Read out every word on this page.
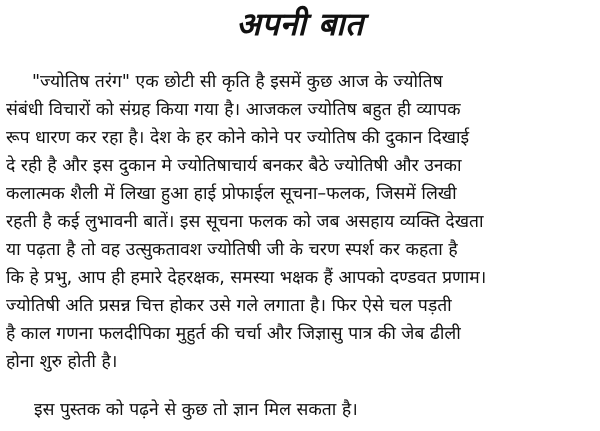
अपनी बात
"ज्योतिष तरंग" एक छोटी सी कृति है इसमें कुछ आज के ज्योतिष
संबंधी विचारों को संग्रह किया गया है। आजकल ज्योतिष बहुत ही व्यापक
रूप धारण कर रहा है। देश के हर कोने कोने पर ज्योतिष की दुकान दिखाई
दे रही है और इस दुकान मे ज्योतिषाचार्य बनकर बैठे ज्योतिषी और उनका
कलात्मक शैली में लिखा हुआ हाई प्रोफाईल सूचना–फलक, जिसमें लिखी
रहती है कई लुभावनी बातें। इस सूचना फलक को जब असहाय व्यक्ति देखता
या पढ़ता है तो वह उत्सुकतावश ज्योतिषी जी के चरण स्पर्श कर कहता है
कि हे प्रभु, आप ही हमारे देहरक्षक, समस्या भक्षक हैं आपको दण्डवत प्रणाम।
ज्योतिषी अति प्रसन्न चित्त होकर उसे गले लगाता है। फिर ऐसे चल पड़ती
है काल गणना फलदीपिका मुहुर्त की चर्चा और जिज्ञासु पात्र की जेब ढीली
होना शुरु होती है।
इस पुस्तक को पढ़ने से कुछ तो ज्ञान मिल सकता है।
